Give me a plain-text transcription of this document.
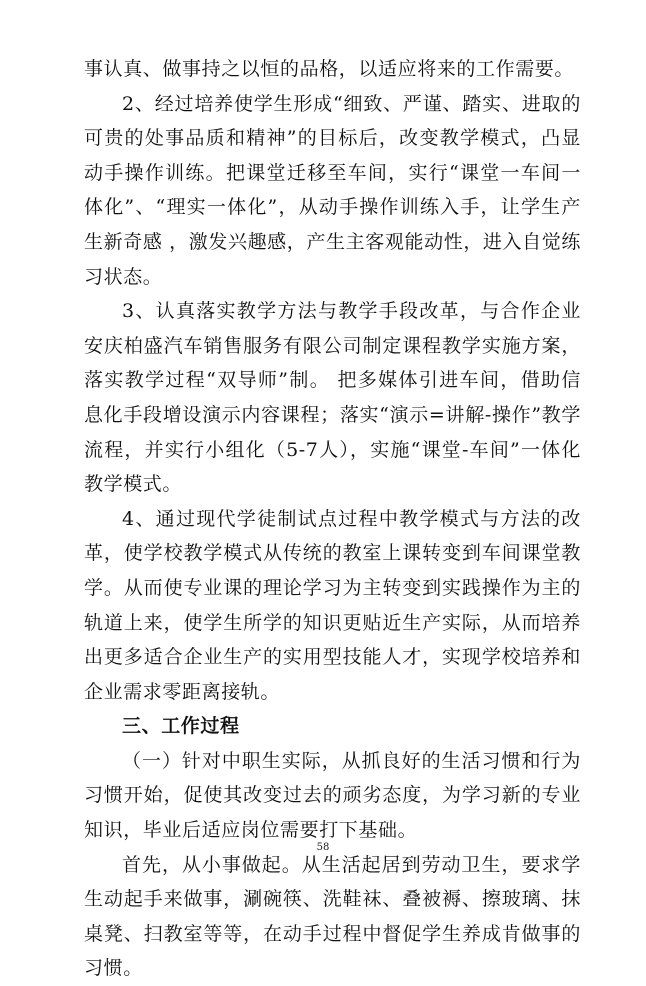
事认真、做事持之以恒的品格，以适应将来的工作需要。

2、经过培养使学生形成“细致、严谨、踏实、进取的可贵的处事品质和精神”的目标后，改变教学模式，凸显动手操作训练。把课堂迁移至车间，实行“课堂一车间一体化”、“理实一体化”，从动手操作训练入手，让学生产生新奇感 ，激发兴趣感，产生主客观能动性，进入自觉练习状态。

3、认真落实教学方法与教学手段改革，与合作企业安庆柏盛汽车销售服务有限公司制定课程教学实施方案，落实教学过程“双导师”制。 把多媒体引进车间，借助信息化手段增设演示内容课程；落实“演示=讲解-操作”教学流程，并实行小组化（5-7人），实施“课堂-车间”一体化教学模式。

4、通过现代学徒制试点过程中教学模式与方法的改革，使学校教学模式从传统的教室上课转变到车间课堂教学。从而使专业课的理论学习为主转变到实践操作为主的轨道上来，使学生所学的知识更贴近生产实际，从而培养出更多适合企业生产的实用型技能人才，实现学校培养和企业需求零距离接轨。

三、工作过程

（一）针对中职生实际，从抓良好的生活习惯和行为习惯开始，促使其改变过去的顽劣态度，为学习新的专业知识，毕业后适应岗位需要打下基础。

首先，从小事做起。从生活起居到劳动卫生，要求学生动起手来做事，涮碗筷、洗鞋袜、叠被褥、擦玻璃、抹桌凳、扫教室等等，在动手过程中督促学生养成肯做事的习惯。

58
